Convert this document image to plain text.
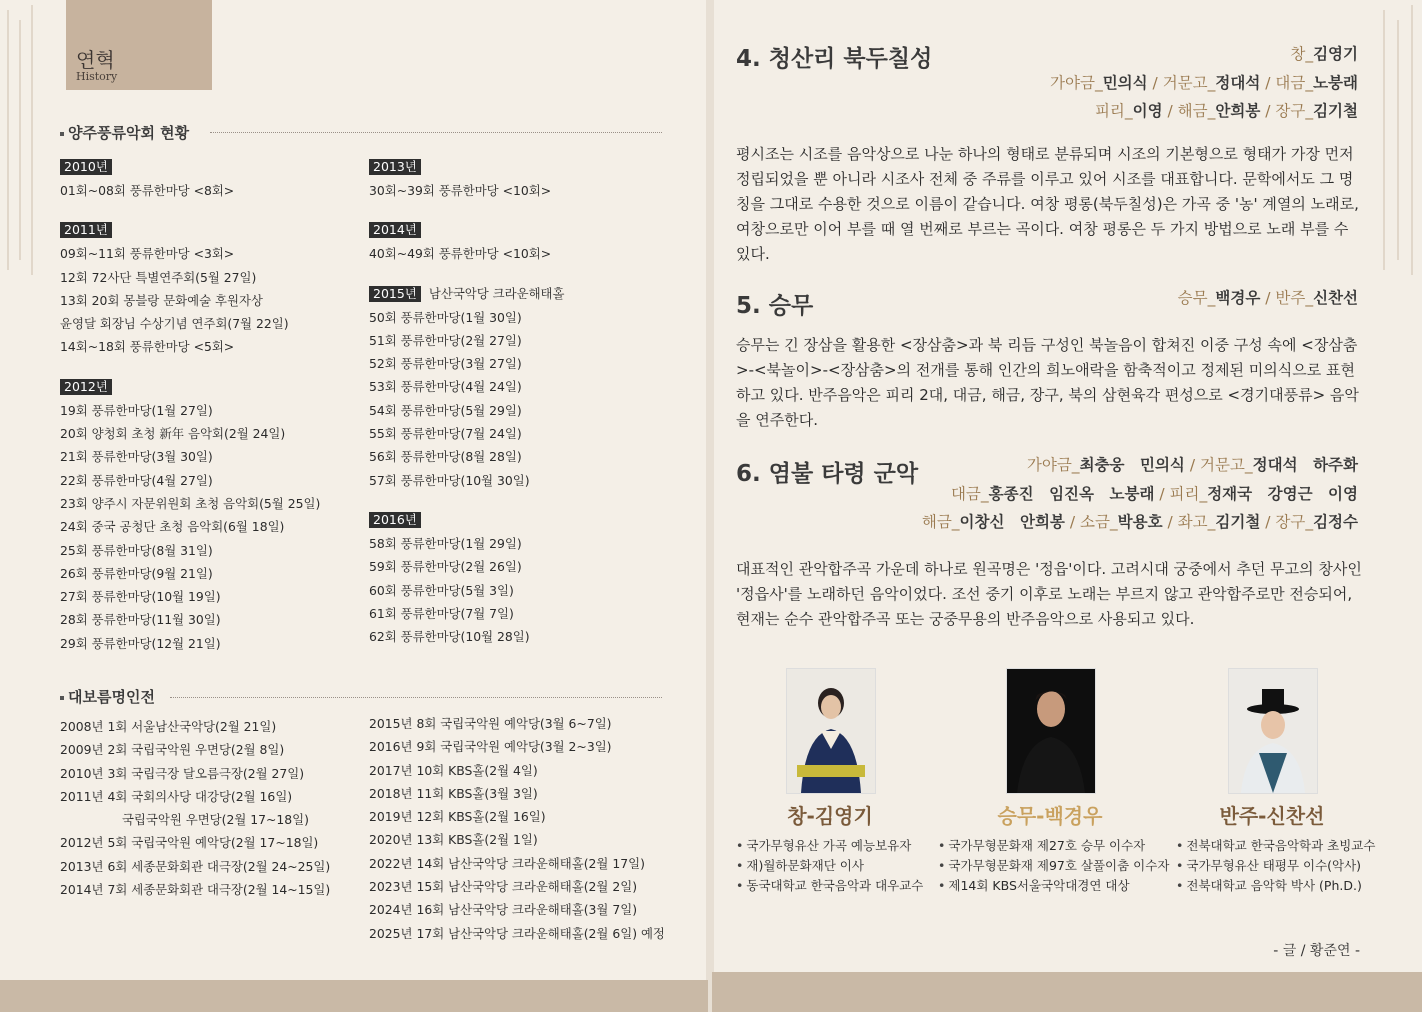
연혁
History
양주풍류악회 현황
2010년
01회~08회 풍류한마당 <8회>
2011년
09회~11회 풍류한마당 <3회>
12회 72사단 특별연주회(5월 27일)
13회 20회 몽블랑 문화예술 후원자상
윤영달 회장님 수상기념 연주회(7월 22일)
14회~18회 풍류한마당 <5회>
2012년
19회 풍류한마당(1월 27일)
20회 양청회 초청 新年 음악회(2월 24일)
21회 풍류한마당(3월 30일)
22회 풍류한마당(4월 27일)
23회 양주시 자문위원회 초청 음악회(5월 25일)
24회 중국 공청단 초청 음악회(6월 18일)
25회 풍류한마당(8월 31일)
26회 풍류한마당(9월 21일)
27회 풍류한마당(10월 19일)
28회 풍류한마당(11월 30일)
29회 풍류한마당(12월 21일)
2013년
30회~39회 풍류한마당 <10회>
2014년
40회~49회 풍류한마당 <10회>
2015년 남산국악당 크라운해태홀
50회 풍류한마당(1월 30일)
51회 풍류한마당(2월 27일)
52회 풍류한마당(3월 27일)
53회 풍류한마당(4월 24일)
54회 풍류한마당(5월 29일)
55회 풍류한마당(7월 24일)
56회 풍류한마당(8월 28일)
57회 풍류한마당(10월 30일)
2016년
58회 풍류한마당(1월 29일)
59회 풍류한마당(2월 26일)
60회 풍류한마당(5월 3일)
61회 풍류한마당(7월 7일)
62회 풍류한마당(10월 28일)
대보름명인전
2008년 1회 서울남산국악당(2월 21일)
2009년 2회 국립국악원 우면당(2월 8일)
2010년 3회 국립극장 달오름극장(2월 27일)
2011년 4회 국회의사당 대강당(2월 16일)
　　　　　국립국악원 우면당(2월 17~18일)
2012년 5회 국립국악원 예악당(2월 17~18일)
2013년 6회 세종문화회관 대극장(2월 24~25일)
2014년 7회 세종문화회관 대극장(2월 14~15일)
2015년 8회 국립국악원 예악당(3월 6~7일)
2016년 9회 국립국악원 예악당(3월 2~3일)
2017년 10회 KBS홀(2월 4일)
2018년 11회 KBS홀(3월 3일)
2019년 12회 KBS홀(2월 16일)
2020년 13회 KBS홀(2월 1일)
2022년 14회 남산국악당 크라운해태홀(2월 17일)
2023년 15회 남산국악당 크라운해태홀(2월 2일)
2024년 16회 남산국악당 크라운해태홀(3월 7일)
2025년 17회 남산국악당 크라운해태홀(2월 6일) 예정
4. 청산리 북두칠성	창_김영기
가야금_민의식 / 거문고_정대석 / 대금_노붕래
피리_이영 / 해금_안희봉 / 장구_김기철
평시조는 시조를 음악상으로 나눈 하나의 형태로 분류되며 시조의 기본형으로 형태가 가장 먼저 정립되었을 뿐 아니라 시조사 전체 중 주류를 이루고 있어 시조를 대표합니다. 문학에서도 그 명칭을 그대로 수용한 것으로 이름이 같습니다. 여창 평롱(북두칠성)은 가곡 중 '농' 계열의 노래로, 여창으로만 이어 부를 때 열 번째로 부르는 곡이다. 여창 평롱은 두 가지 방법으로 노래 부를 수 있다.
5. 승무	승무_백경우 / 반주_신찬선
승무는 긴 장삼을 활용한 <장삼춤>과 북 리듬 구성인 북놀음이 합쳐진 이중 구성 속에 <장삼춤>-<북놀이>-<장삼춤>의 전개를 통해 인간의 희노애락을 함축적이고 정제된 미의식으로 표현하고 있다. 반주음악은 피리 2대, 대금, 해금, 장구, 북의 삼현육각 편성으로 <경기대풍류> 음악을 연주한다.
6. 염불 타령 군악	가야금_최충웅　민의식 / 거문고_정대석　하주화
대금_홍종진　임진옥　노붕래 / 피리_정재국　강영근　이영
해금_이창신　안희봉 / 소금_박용호 / 좌고_김기철 / 장구_김정수
대표적인 관악합주곡 가운데 하나로 원곡명은 '정읍'이다. 고려시대 궁중에서 추던 무고의 창사인 '정읍사'를 노래하던 음악이었다. 조선 중기 이후로 노래는 부르지 않고 관악합주로만 전승되어, 현재는 순수 관악합주곡 또는 궁중무용의 반주음악으로 사용되고 있다.
창-김영기	승무-백경우	반주-신찬선
• 국가무형유산 가곡 예능보유자
• 재)월하문화재단 이사
• 동국대학교 한국음악과 대우교수
• 국가무형문화재 제27호 승무 이수자
• 국가무형문화재 제97호 살풀이춤 이수자
• 제14회 KBS서울국악대경연 대상
• 전북대학교 한국음악학과 초빙교수
• 국가무형유산 태평무 이수(악사)
• 전북대학교 음악학 박사 (Ph.D.)
- 글 / 황준연 -
